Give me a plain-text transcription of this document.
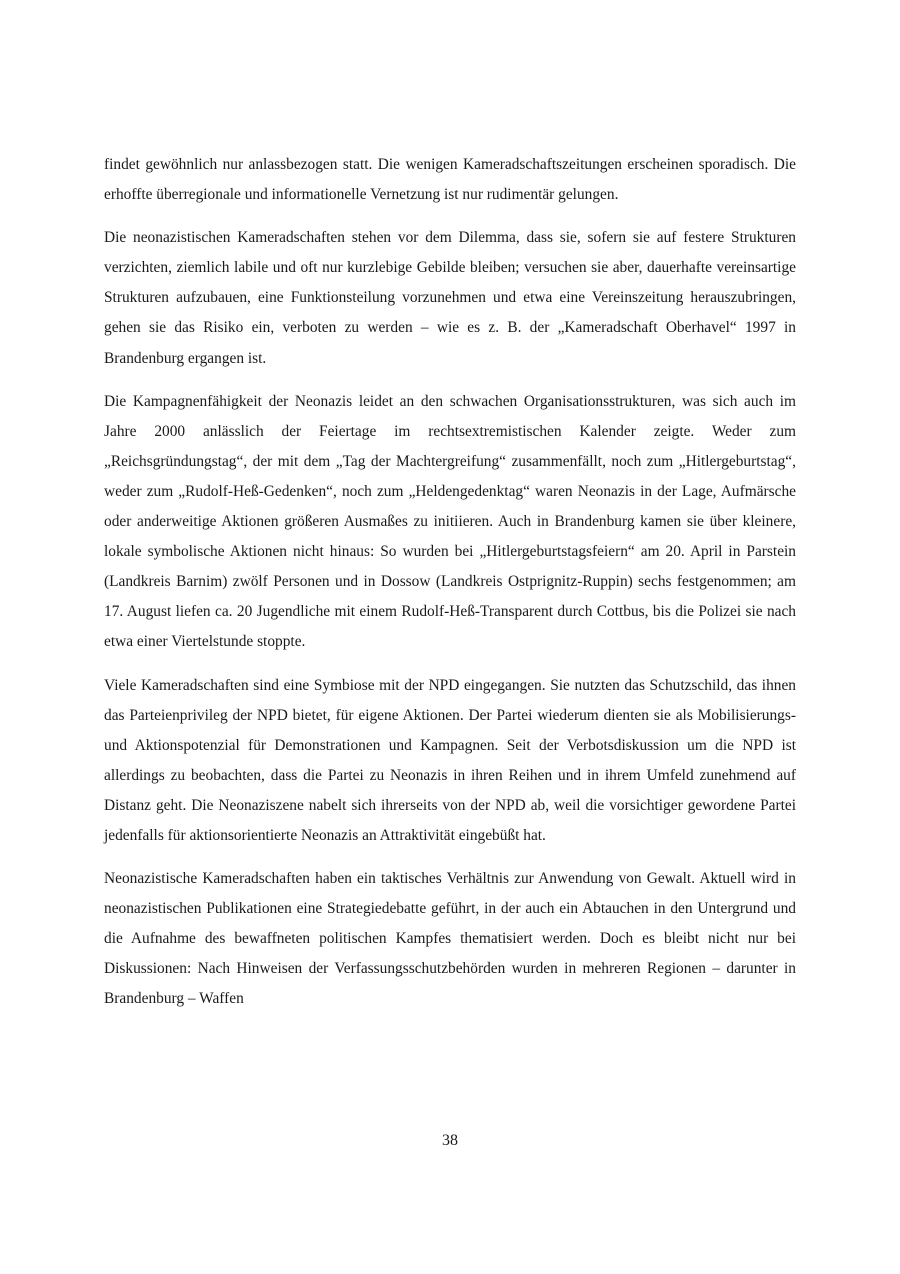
findet gewöhnlich nur anlassbezogen statt. Die wenigen Kameradschaftszeitungen erscheinen sporadisch. Die erhoffte überregionale und informationelle Vernetzung ist nur rudimentär gelungen.

Die neonazistischen Kameradschaften stehen vor dem Dilemma, dass sie, sofern sie auf festere Strukturen verzichten, ziemlich labile und oft nur kurzlebige Gebilde bleiben; versuchen sie aber, dauerhafte vereinsartige Strukturen aufzubauen, eine Funktionsteilung vorzunehmen und etwa eine Vereinszeitung herauszubringen, gehen sie das Risiko ein, verboten zu werden – wie es z. B. der „Kameradschaft Oberhavel“ 1997 in Brandenburg ergangen ist.

Die Kampagnenfähigkeit der Neonazis leidet an den schwachen Organisationsstrukturen, was sich auch im Jahre 2000 anlässlich der Feiertage im rechtsextremistischen Kalender zeigte. Weder zum „Reichsgründungstag“, der mit dem „Tag der Machtergreifung“ zusammenfällt, noch zum „Hitlergeburtstag“, weder zum „Rudolf-Heß-Gedenken“, noch zum „Heldengedenktag“ waren Neonazis in der Lage, Aufmärsche oder anderweitige Aktionen größeren Ausmaßes zu initiieren. Auch in Brandenburg kamen sie über kleinere, lokale symbolische Aktionen nicht hinaus: So wurden bei „Hitlergeburtstagsfeiern“ am 20. April in Parstein (Landkreis Barnim) zwölf Personen und in Dossow (Landkreis Ostprignitz-Ruppin) sechs festgenommen; am 17. August liefen ca. 20 Jugendliche mit einem Rudolf-Heß-Transparent durch Cottbus, bis die Polizei sie nach etwa einer Viertelstunde stoppte.

Viele Kameradschaften sind eine Symbiose mit der NPD eingegangen. Sie nutzten das Schutzschild, das ihnen das Parteienprivileg der NPD bietet, für eigene Aktionen. Der Partei wiederum dienten sie als Mobilisierungs- und Aktionspotenzial für Demonstrationen und Kampagnen. Seit der Verbotsdiskussion um die NPD ist allerdings zu beobachten, dass die Partei zu Neonazis in ihren Reihen und in ihrem Umfeld zunehmend auf Distanz geht. Die Neonaziszene nabelt sich ihrerseits von der NPD ab, weil die vorsichtiger gewordene Partei jedenfalls für aktionsorientierte Neonazis an Attraktivität eingebüßt hat.

Neonazistische Kameradschaften haben ein taktisches Verhältnis zur Anwendung von Gewalt. Aktuell wird in neonazistischen Publikationen eine Strategiedebatte geführt, in der auch ein Abtauchen in den Untergrund und die Aufnahme des bewaffneten politischen Kampfes thematisiert werden. Doch es bleibt nicht nur bei Diskussionen: Nach Hinweisen der Verfassungsschutzbehörden wurden in mehreren Regionen – darunter in Brandenburg – Waffen

38
